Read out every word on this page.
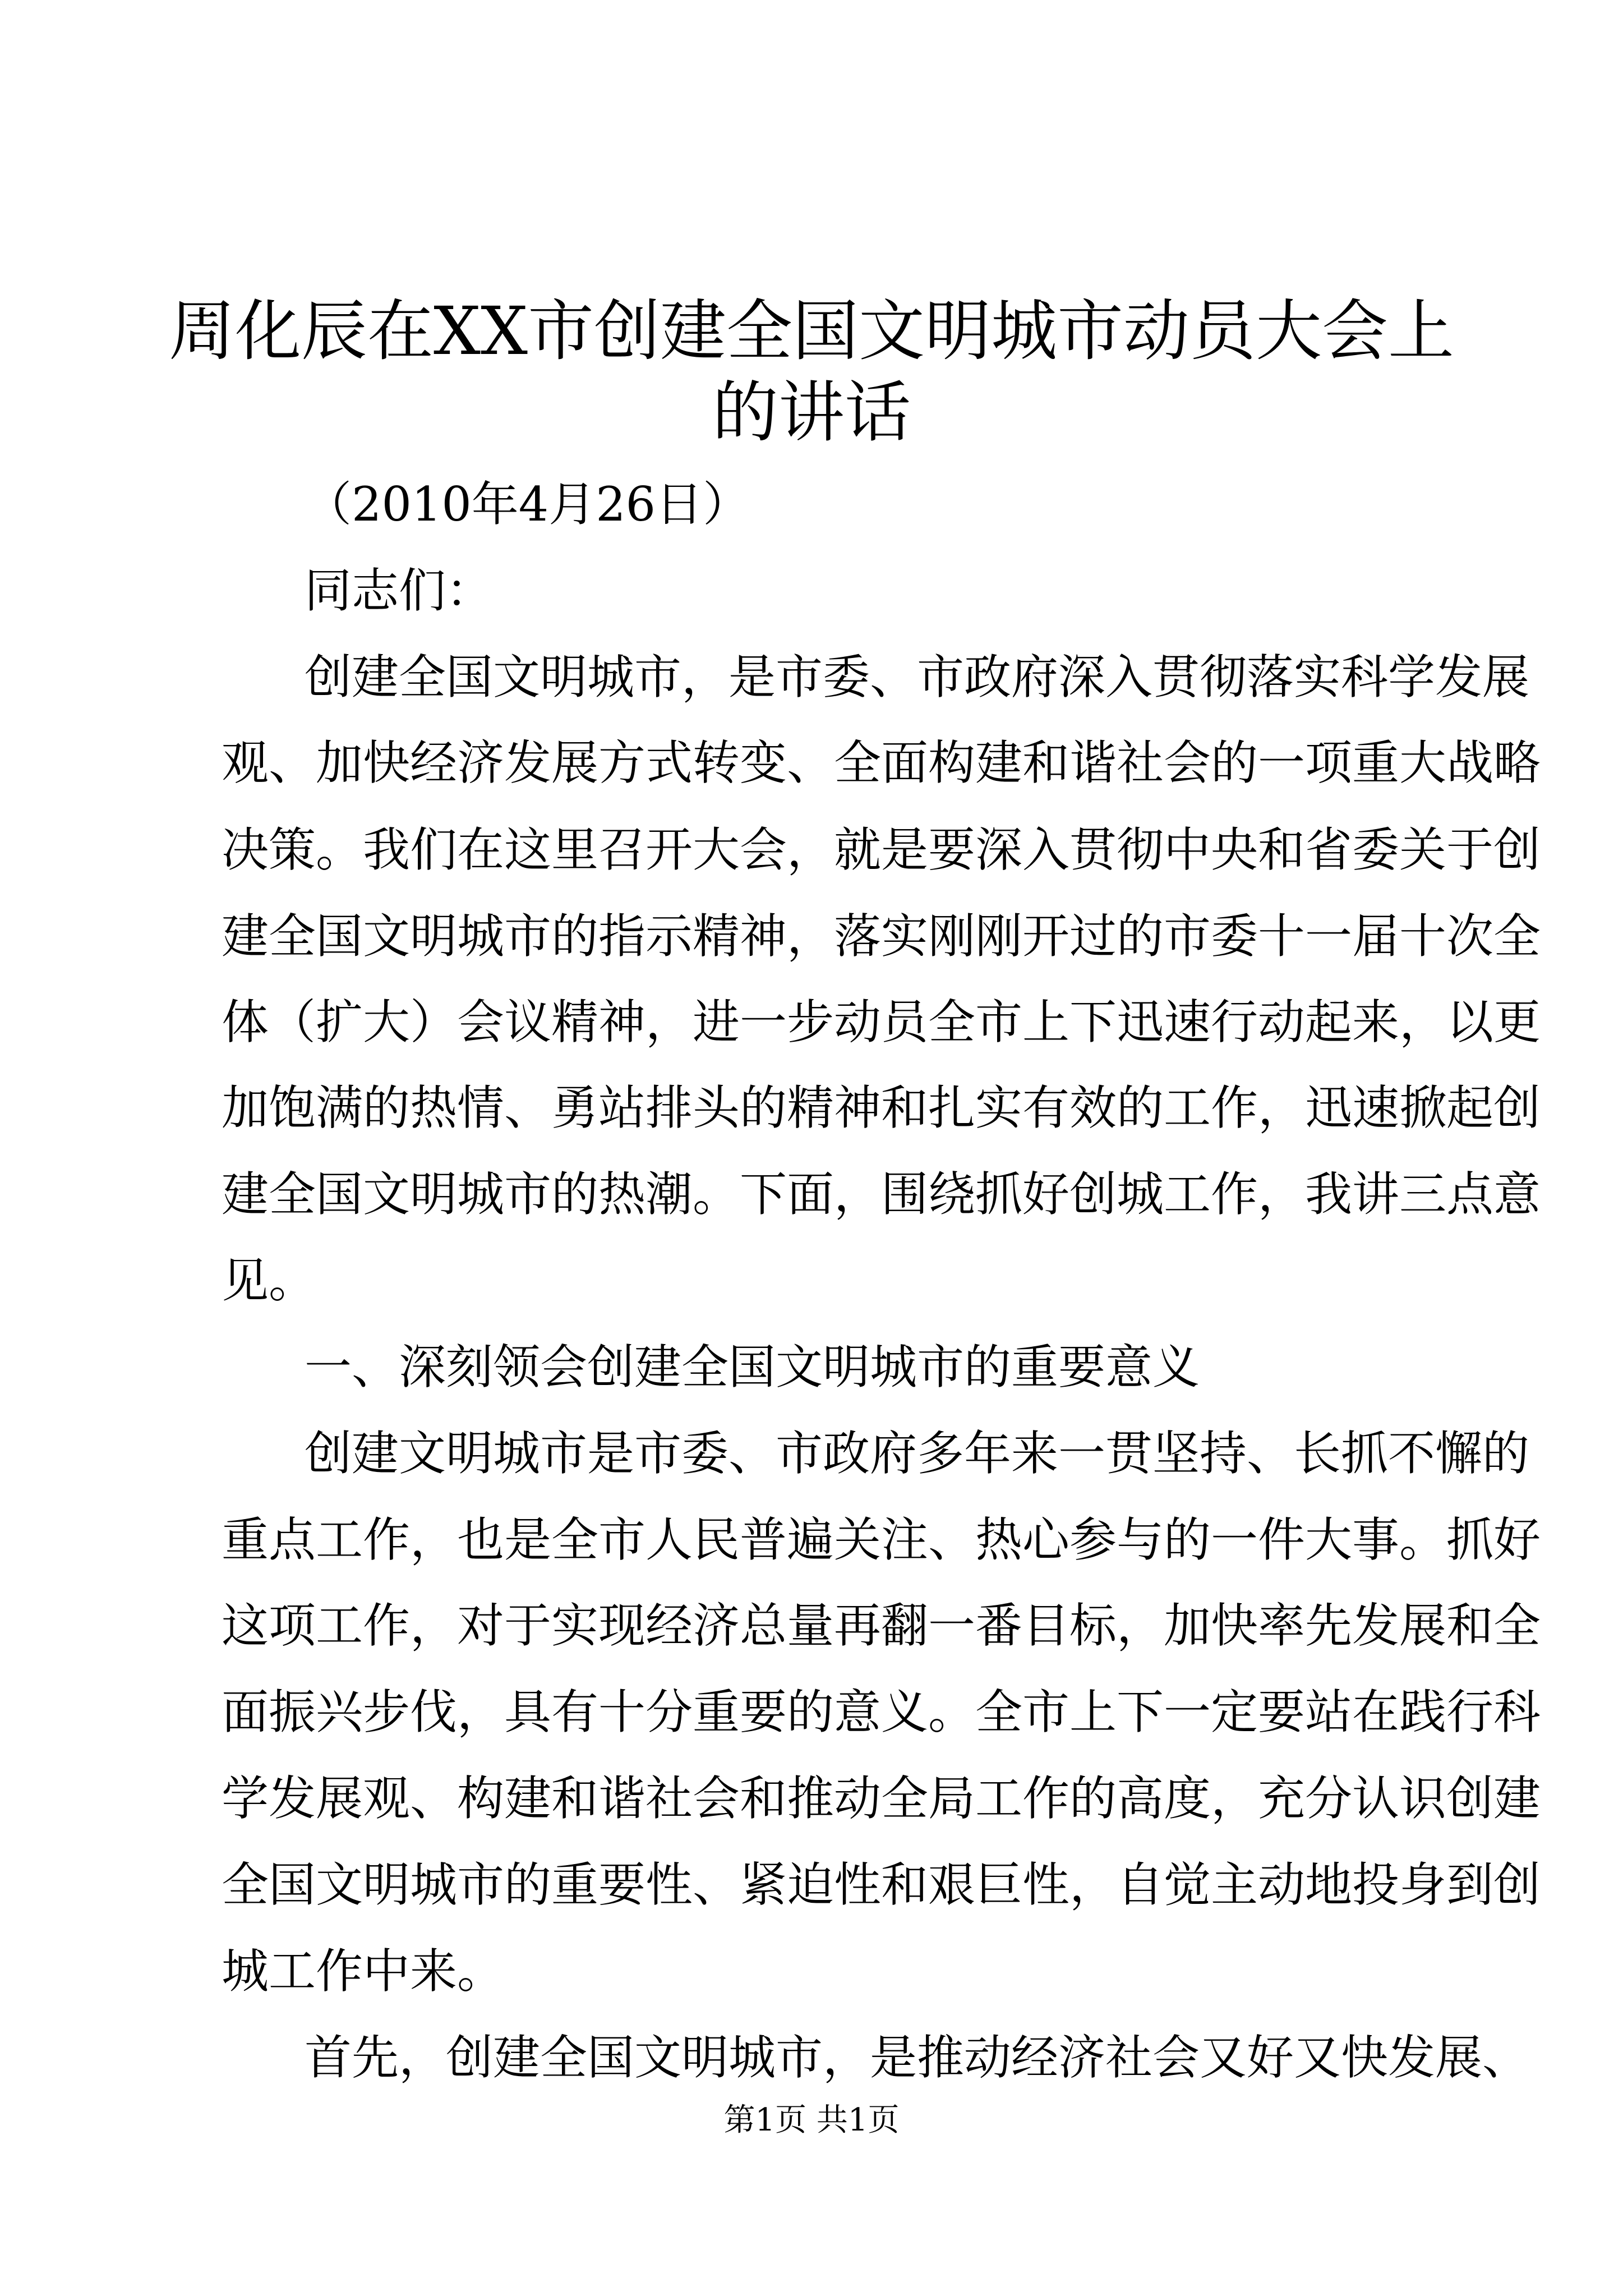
周化辰在XX市创建全国文明城市动员大会上
的讲话
（2010年4月26日）
同志们：
创建全国文明城市，是市委、市政府深入贯彻落实科学发展
观、加快经济发展方式转变、全面构建和谐社会的一项重大战略
决策。我们在这里召开大会，就是要深入贯彻中央和省委关于创
建全国文明城市的指示精神，落实刚刚开过的市委十一届十次全
体（扩大）会议精神，进一步动员全市上下迅速行动起来，以更
加饱满的热情、勇站排头的精神和扎实有效的工作，迅速掀起创
建全国文明城市的热潮。下面，围绕抓好创城工作，我讲三点意
见。
一、深刻领会创建全国文明城市的重要意义
创建文明城市是市委、市政府多年来一贯坚持、长抓不懈的
重点工作，也是全市人民普遍关注、热心参与的一件大事。抓好
这项工作，对于实现经济总量再翻一番目标，加快率先发展和全
面振兴步伐，具有十分重要的意义。全市上下一定要站在践行科
学发展观、构建和谐社会和推动全局工作的高度，充分认识创建
全国文明城市的重要性、紧迫性和艰巨性，自觉主动地投身到创
城工作中来。
首先，创建全国文明城市，是推动经济社会又好又快发展、
第1页 共1页
